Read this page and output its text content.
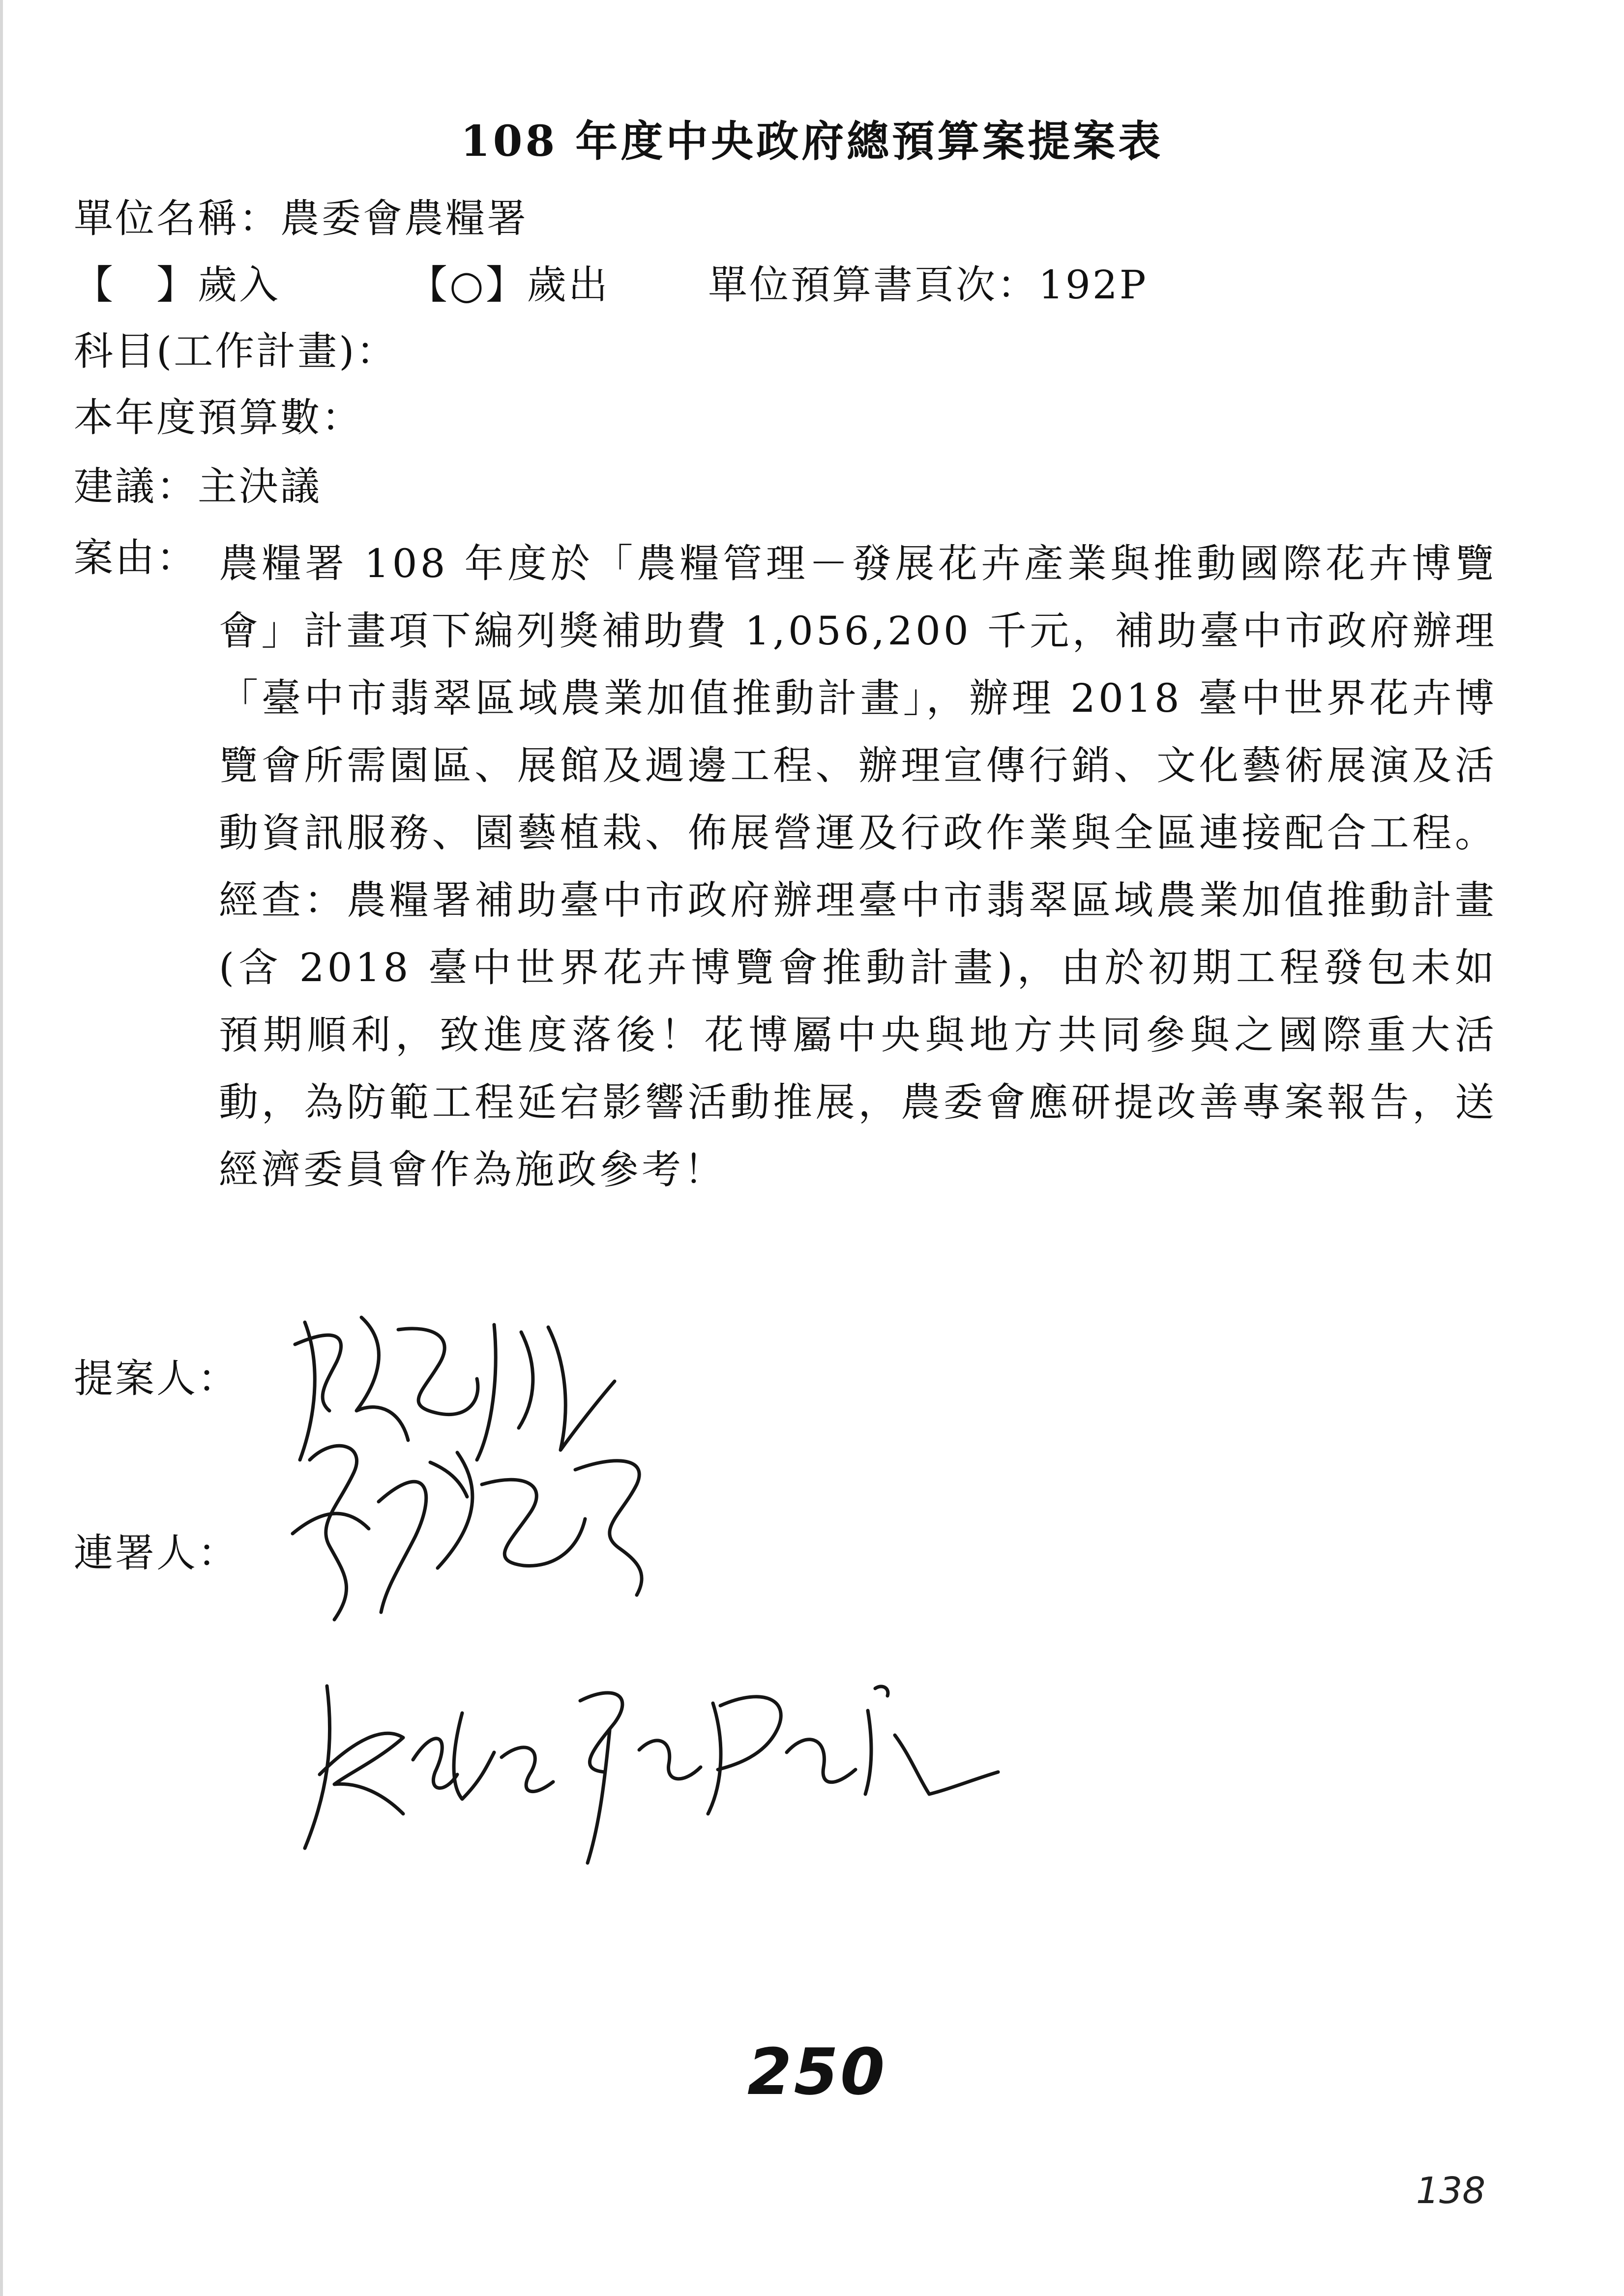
108 年度中央政府總預算案提案表
單位名稱：農委會農糧署
【　】歲入	【○】歲出	單位預算書頁次：192P
科目(工作計畫)：
本年度預算數：
建議：主決議
案由： 農糧署 108 年度於「農糧管理－發展花卉產業與推動國際花卉博覽會」計畫項下編列獎補助費 1,056,200 千元，補助臺中市政府辦理「臺中市翡翠區域農業加值推動計畫」，辦理 2018 臺中世界花卉博覽會所需園區、展館及週邊工程、辦理宣傳行銷、文化藝術展演及活動資訊服務、園藝植栽、佈展營運及行政作業與全區連接配合工程。經查：農糧署補助臺中市政府辦理臺中市翡翠區域農業加值推動計畫(含 2018 臺中世界花卉博覽會推動計畫)，由於初期工程發包未如預期順利，致進度落後！花博屬中央與地方共同參與之國際重大活動，為防範工程延宕影響活動推展，農委會應研提改善專案報告，送經濟委員會作為施政參考！
提案人：
連署人：
250
138
